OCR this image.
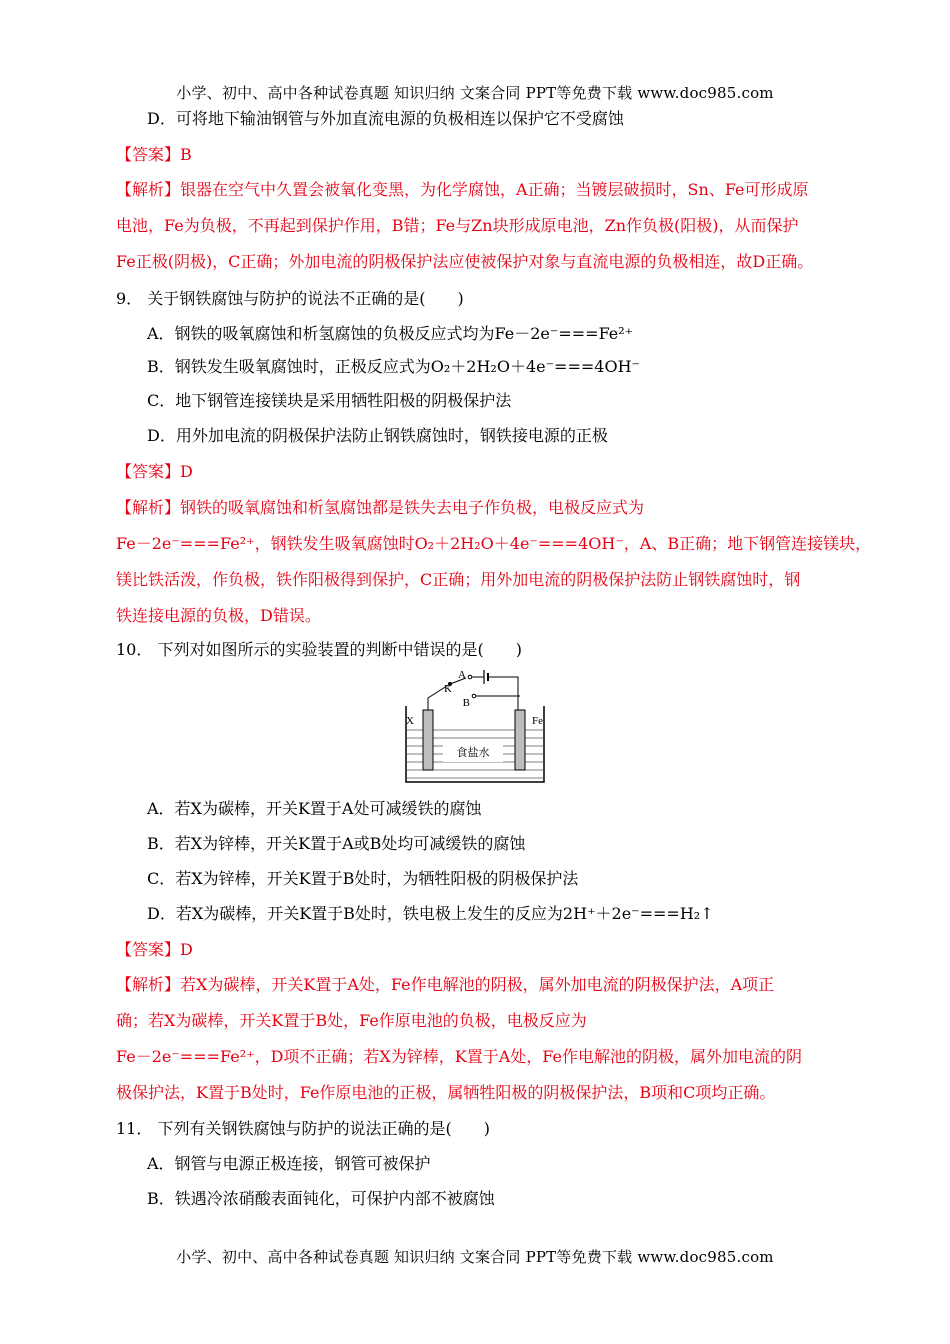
小学、初中、高中各种试卷真题 知识归纳 文案合同 PPT等免费下载 www.doc985.com
D．可将地下输油钢管与外加直流电源的负极相连以保护它不受腐蚀
【答案】B
【解析】银器在空气中久置会被氧化变黑，为化学腐蚀，A正确；当镀层破损时，Sn、Fe可形成原
电池，Fe为负极，不再起到保护作用，B错；Fe与Zn块形成原电池，Zn作负极(阳极)，从而保护
Fe正极(阴极)，C正确；外加电流的阴极保护法应使被保护对象与直流电源的负极相连，故D正确。
9． 关于钢铁腐蚀与防护的说法不正确的是(　　)
A．钢铁的吸氧腐蚀和析氢腐蚀的负极反应式均为Fe－2e⁻===Fe²⁺
B．钢铁发生吸氧腐蚀时，正极反应式为O₂＋2H₂O＋4e⁻===4OH⁻
C．地下钢管连接镁块是采用牺牲阳极的阴极保护法
D．用外加电流的阴极保护法防止钢铁腐蚀时，钢铁接电源的正极
【答案】D
【解析】钢铁的吸氧腐蚀和析氢腐蚀都是铁失去电子作负极，电极反应式为
Fe－2e⁻===Fe²⁺，钢铁发生吸氧腐蚀时O₂＋2H₂O＋4e⁻===4OH⁻，A、B正确；地下钢管连接镁块，
镁比铁活泼，作负极，铁作阳极得到保护，C正确；用外加电流的阴极保护法防止钢铁腐蚀时，钢
铁连接电源的负极，D错误。
10． 下列对如图所示的实验装置的判断中错误的是(　　)
A
K
B
X	Fe
食盐水
A．若X为碳棒，开关K置于A处可减缓铁的腐蚀
B．若X为锌棒，开关K置于A或B处均可减缓铁的腐蚀
C．若X为锌棒，开关K置于B处时，为牺牲阳极的阴极保护法
D．若X为碳棒，开关K置于B处时，铁电极上发生的反应为2H⁺＋2e⁻===H₂↑
【答案】D
【解析】若X为碳棒，开关K置于A处，Fe作电解池的阴极，属外加电流的阴极保护法，A项正
确；若X为碳棒，开关K置于B处，Fe作原电池的负极，电极反应为
Fe－2e⁻===Fe²⁺，D项不正确；若X为锌棒，K置于A处，Fe作电解池的阴极，属外加电流的阴
极保护法，K置于B处时，Fe作原电池的正极，属牺牲阳极的阴极保护法，B项和C项均正确。
11． 下列有关钢铁腐蚀与防护的说法正确的是(　　)
A．钢管与电源正极连接，钢管可被保护
B．铁遇冷浓硝酸表面钝化，可保护内部不被腐蚀
小学、初中、高中各种试卷真题 知识归纳 文案合同 PPT等免费下载 www.doc985.com
